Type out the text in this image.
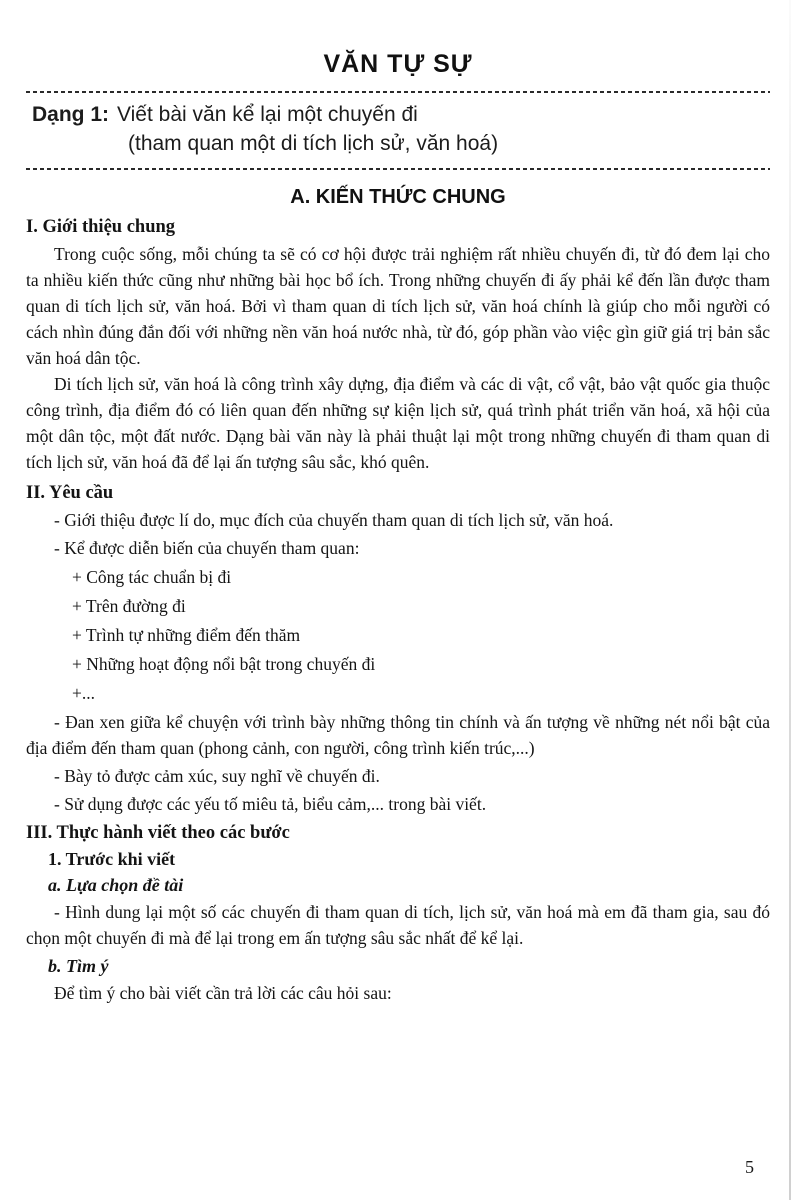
VĂN TỰ SỰ

Dạng 1: Viết bài văn kể lại một chuyến đi

(tham quan một di tích lịch sử, văn hoá)

A. KIẾN THỨC CHUNG
I. Giới thiệu chung

Trong cuộc sống, mỗi chúng ta sẽ có cơ hội được trải nghiệm rất nhiều chuyến đi, từ đó đem lại cho ta nhiều kiến thức cũng như những bài học bổ ích. Trong những chuyến đi ấy phải kể đến lần được tham quan di tích lịch sử, văn hoá. Bởi vì tham quan di tích lịch sử, văn hoá chính là giúp cho mỗi người có cách nhìn đúng đắn đối với những nền văn hoá nước nhà, từ đó, góp phần vào việc gìn giữ giá trị bản sắc văn hoá dân tộc.

Di tích lịch sử, văn hoá là công trình xây dựng, địa điểm và các di vật, cổ vật, bảo vật quốc gia thuộc công trình, địa điểm đó có liên quan đến những sự kiện lịch sử, quá trình phát triển văn hoá, xã hội của một dân tộc, một đất nước. Dạng bài văn này là phải thuật lại một trong những chuyến đi tham quan di tích lịch sử, văn hoá đã để lại ấn tượng sâu sắc, khó quên.

II. Yêu cầu

- Giới thiệu được lí do, mục đích của chuyến tham quan di tích lịch sử, văn hoá.

- Kể được diễn biến của chuyến tham quan:

+ Công tác chuẩn bị đi

+ Trên đường đi

+ Trình tự những điểm đến thăm

+ Những hoạt động nổi bật trong chuyến đi

+...

- Đan xen giữa kể chuyện với trình bày những thông tin chính và ấn tượng về những nét nổi bật của địa điểm đến tham quan (phong cảnh, con người, công trình kiến trúc,...)

- Bày tỏ được cảm xúc, suy nghĩ về chuyến đi.

- Sử dụng được các yếu tố miêu tả, biểu cảm,... trong bài viết.

III. Thực hành viết theo các bước
1. Trước khi viết
a. Lựa chọn đề tài

- Hình dung lại một số các chuyến đi tham quan di tích, lịch sử, văn hoá mà em đã tham gia, sau đó chọn một chuyến đi mà để lại trong em ấn tượng sâu sắc nhất để kể lại.

b. Tìm ý

Để tìm ý cho bài viết cần trả lời các câu hỏi sau:

5
